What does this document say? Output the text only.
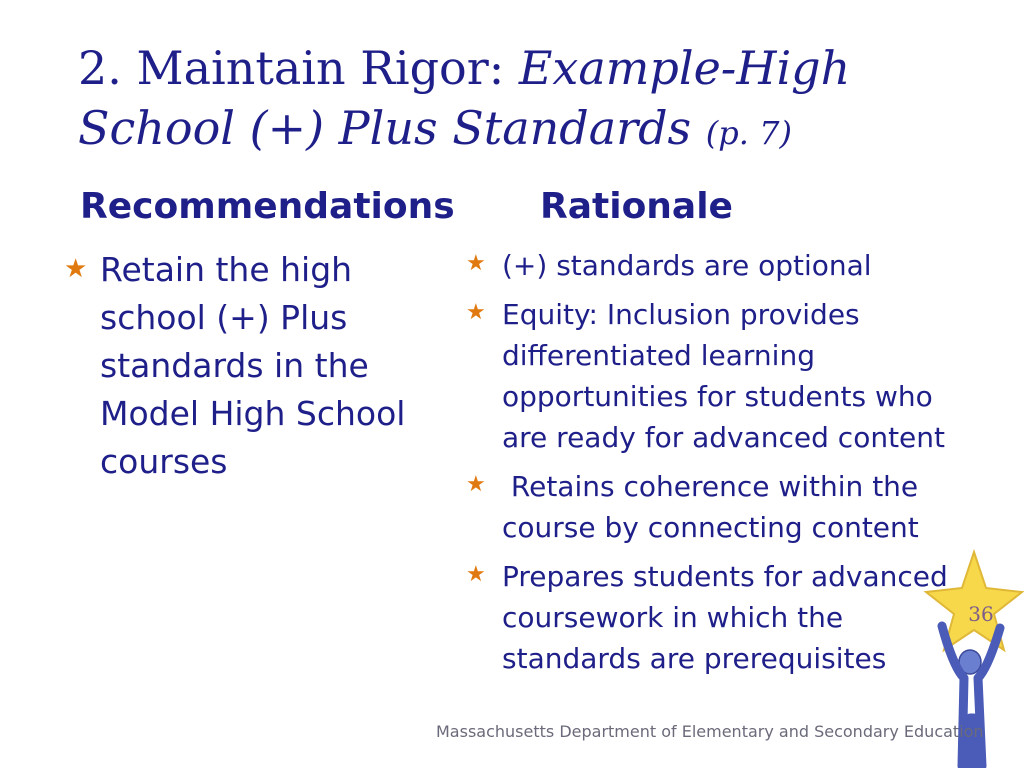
2. Maintain Rigor: Example-High
School (+) Plus Standards (p. 7)
Recommendations Rationale
★ Retain the high school (+) Plus standards in the Model High School courses
★ (+) standards are optional
★ Equity: Inclusion provides differentiated learning opportunities for students who are ready for advanced content
★ Retains coherence within the course by connecting content
★ Prepares students for advanced coursework in which the standards are prerequisites
36
Massachusetts Department of Elementary and Secondary Education
